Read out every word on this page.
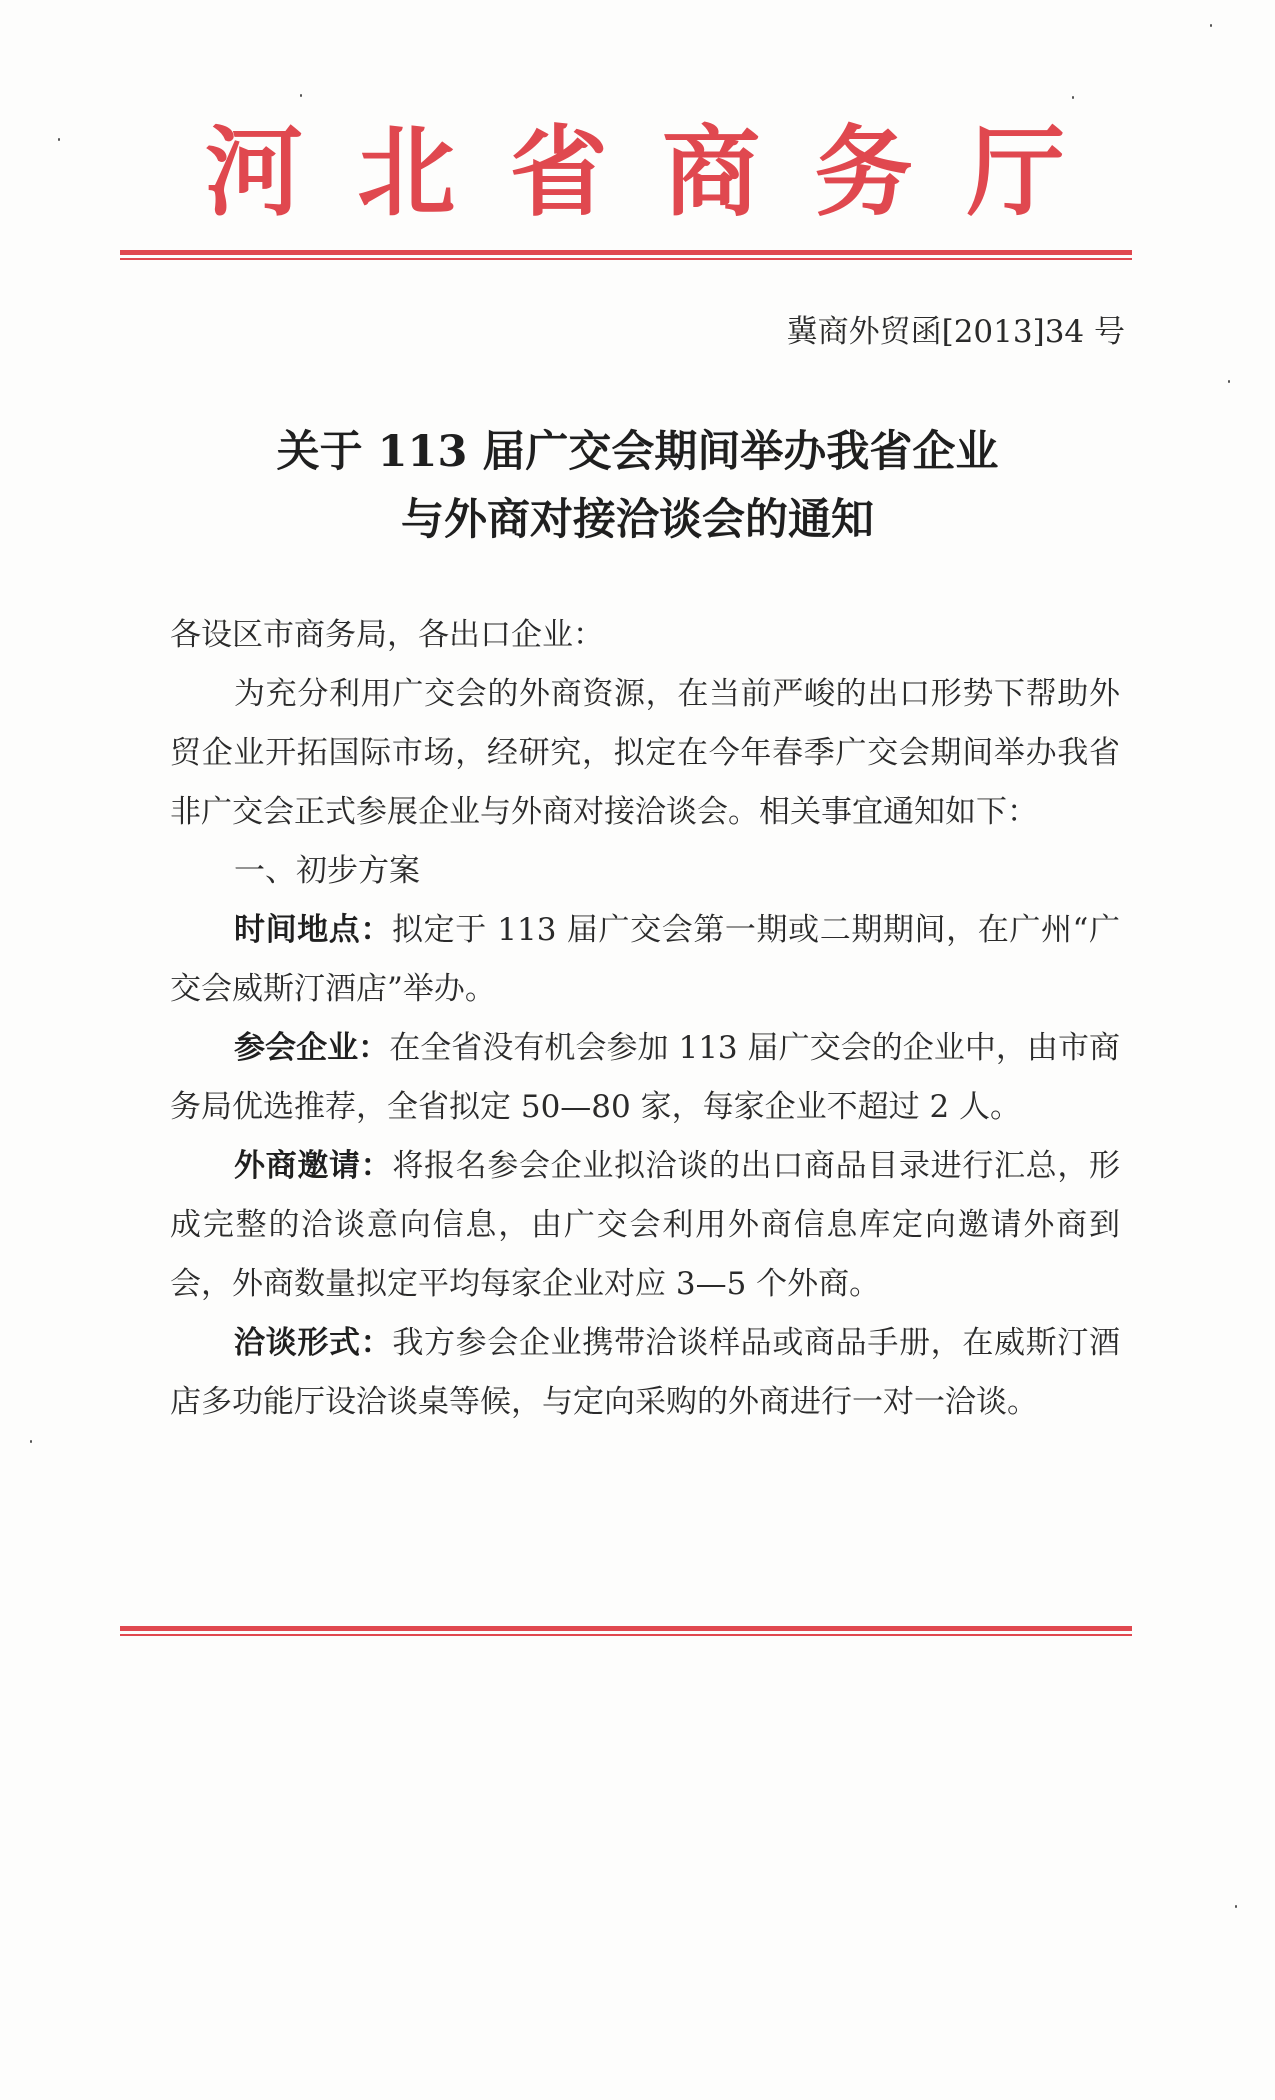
河 北 省 商 务 厅
冀商外贸函[2013]34 号
关于 113 届广交会期间举办我省企业
与外商对接洽谈会的通知

各设区市商务局，各出口企业：

为充分利用广交会的外商资源，在当前严峻的出口形势下帮助外贸企业开拓国际市场，经研究，拟定在今年春季广交会期间举办我省非广交会正式参展企业与外商对接洽谈会。相关事宜通知如下：

一、初步方案

时间地点：拟定于 113 届广交会第一期或二期期间，在广州“广交会威斯汀酒店”举办。

参会企业：在全省没有机会参加 113 届广交会的企业中，由市商务局优选推荐，全省拟定 50—80 家，每家企业不超过 2 人。

外商邀请：将报名参会企业拟洽谈的出口商品目录进行汇总，形成完整的洽谈意向信息，由广交会利用外商信息库定向邀请外商到会，外商数量拟定平均每家企业对应 3—5 个外商。

洽谈形式：我方参会企业携带洽谈样品或商品手册，在威斯汀酒店多功能厅设洽谈桌等候，与定向采购的外商进行一对一洽谈。
